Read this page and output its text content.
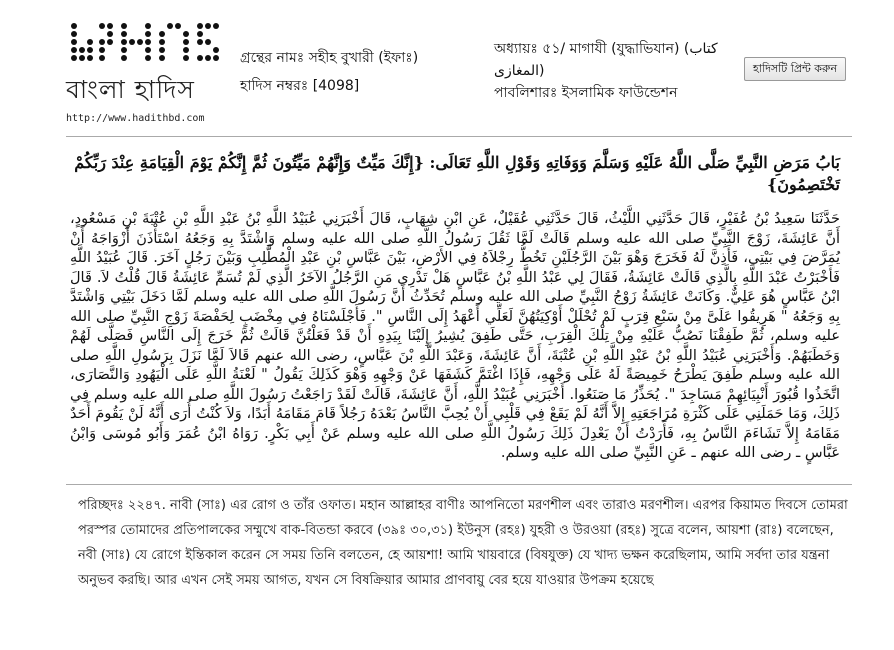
বাংলা হাদিস
http://www.hadithbd.com
গ্রন্থের নামঃ সহীহ বুখারী (ইফাঃ)
হাদিস নম্বরঃ [4098]
অধ্যায়ঃ ৫১/ মাগাযী (যুদ্ধাভিযান) (كتاب المغازى)
পাবলিশারঃ ইসলামিক ফাউন্ডেশন
হাদিসটি প্রিন্ট করুন
بَابُ مَرَضِ النَّبِيِّ صَلَّى اللَّهُ عَلَيْهِ وَسَلَّمَ وَوَفَاتِهِ وَقَوْلِ اللَّهِ تَعَالَى: {إِنَّكَ مَيِّتٌ وَإِنَّهُمْ مَيِّتُونَ ثُمَّ إِنَّكُمْ يَوْمَ الْقِيَامَةِ عِنْدَ رَبِّكُمْ تَخْتَصِمُونَ}
حَدَّثَنَا سَعِيدُ بْنُ عُفَيْرٍ، قَالَ حَدَّثَنِي اللَّيْثُ، قَالَ حَدَّثَنِي عُقَيْلٌ، عَنِ ابْنِ شِهَابٍ، قَالَ أَخْبَرَنِي عُبَيْدُ اللَّهِ بْنُ عَبْدِ اللَّهِ بْنِ عُتْبَةَ بْنِ مَسْعُودٍ، أَنَّ عَائِشَةَ، زَوْجَ النَّبِيِّ صلى الله عليه وسلم قَالَتْ لَمَّا ثَقُلَ رَسُولُ اللَّهِ صلى الله عليه وسلم وَاشْتَدَّ بِهِ وَجَعُهُ اسْتَأْذَنَ أَزْوَاجَهُ أَنْ يُمَرَّضَ فِي بَيْتِي، فَأَذِنَّ لَهُ فَخَرَجَ وَهْوَ بَيْنَ الرَّجُلَيْنِ تَخُطُّ رِجْلاَهُ فِي الأَرْضِ، بَيْنَ عَبَّاسِ بْنِ عَبْدِ الْمُطَّلِبِ وَبَيْنَ رَجُلٍ آخَرَ. قَالَ عُبَيْدُ اللَّهِ فَأَخْبَرْتُ عَبْدَ اللَّهِ بِالَّذِي قَالَتْ عَائِشَةُ، فَقَالَ لِي عَبْدُ اللَّهِ بْنُ عَبَّاسٍ هَلْ تَدْرِي مَنِ الرَّجُلُ الآخَرُ الَّذِي لَمْ تُسَمِّ عَائِشَةُ قَالَ قُلْتُ لاَ. قَالَ ابْنُ عَبَّاسٍ هُوَ عَلِيٌّ. وَكَانَتْ عَائِشَةُ زَوْجُ النَّبِيِّ صلى الله عليه وسلم تُحَدِّثُ أَنَّ رَسُولَ اللَّهِ صلى الله عليه وسلم لَمَّا دَخَلَ بَيْتِي وَاشْتَدَّ بِهِ وَجَعُهُ " هَرِيقُوا عَلَىَّ مِنْ سَبْعِ قِرَبٍ لَمْ تُحْلَلْ أَوْكِيَتُهُنَّ لَعَلِّي أَعْهَدُ إِلَى النَّاسِ ". فَأَجْلَسْنَاهُ فِي مِخْضَبٍ لِحَفْصَةَ زَوْجِ النَّبِيِّ صلى الله عليه وسلم، ثُمَّ طَفِقْنَا نَصُبُّ عَلَيْهِ مِنْ تِلْكَ الْقِرَبِ، حَتَّى طَفِقَ يُشِيرُ إِلَيْنَا بِيَدِهِ أَنْ قَدْ فَعَلْتُنَّ قَالَتْ ثُمَّ خَرَجَ إِلَى النَّاسِ فَصَلَّى لَهُمْ وَخَطَبَهُمْ. وَأَخْبَرَنِي عُبَيْدُ اللَّهِ بْنُ عَبْدِ اللَّهِ بْنِ عُتْبَةَ، أَنَّ عَائِشَةَ، وَعَبْدَ اللَّهِ بْنَ عَبَّاسٍ، رضى الله عنهم قَالاَ لَمَّا نَزَلَ بِرَسُولِ اللَّهِ صلى الله عليه وسلم طَفِقَ يَطْرَحُ خَمِيصَةً لَهُ عَلَى وَجْهِهِ، فَإِذَا اغْتَمَّ كَشَفَهَا عَنْ وَجْهِهِ وَهْوَ كَذَلِكَ يَقُولُ " لَعْنَةُ اللَّهِ عَلَى الْيَهُودِ وَالنَّصَارَى، اتَّخَذُوا قُبُورَ أَنْبِيَائِهِمْ مَسَاجِدَ ". يُحَذِّرُ مَا صَنَعُوا. أَخْبَرَنِي عُبَيْدُ اللَّهِ، أَنَّ عَائِشَةَ، قَالَتْ لَقَدْ رَاجَعْتُ رَسُولَ اللَّهِ صلى الله عليه وسلم فِي ذَلِكَ، وَمَا حَمَلَنِي عَلَى كَثْرَةِ مُرَاجَعَتِهِ إِلاَّ أَنَّهُ لَمْ يَقَعْ فِي قَلْبِي أَنْ يُحِبَّ النَّاسُ بَعْدَهُ رَجُلاً قَامَ مَقَامَهُ أَبَدًا، وَلاَ كُنْتُ أُرَى أَنَّهُ لَنْ يَقُومَ أَحَدٌ مَقَامَهُ إِلاَّ تَشَاءَمَ النَّاسُ بِهِ، فَأَرَدْتُ أَنْ يَعْدِلَ ذَلِكَ رَسُولُ اللَّهِ صلى الله عليه وسلم عَنْ أَبِي بَكْرٍ. رَوَاهُ ابْنُ عُمَرَ وَأَبُو مُوسَى وَابْنُ عَبَّاسٍ ـ رضى الله عنهم ـ عَنِ النَّبِيِّ صلى الله عليه وسلم.
পরিচ্ছদঃ ২২৪৭. নাবী (সাঃ) এর রোগ ও তাঁর ওফাত। মহান আল্লাহর বাণীঃ আপনিতো মরণশীল এবং তারাও মরণশীল। এরপর কিয়ামত দিবসে তোমরা পরস্পর তোমাদের প্রতিপালকের সম্মুখে বাক-বিতন্ডা করবে (৩৯ঃ ৩০,৩১) ইউনুস (রহঃ) যুহরী ও উরওয়া (রহঃ) সুত্রে বলেন, আয়শা (রাঃ) বলেছেন, নবী (সাঃ) যে রোগে ইন্তিকাল করেন সে সময় তিনি বলতেন, হে আয়শা! আমি খায়বারে (বিষযুক্ত) যে খাদ্য ভক্ষন করেছিলাম, আমি সর্বদা তার যন্ত্রনা অনুভব করছি। আর এখন সেই সময় আগত, যখন সে বিষক্রিয়ার আমার প্রাণবায়ু বের হয়ে যাওয়ার উপক্রম হয়েছে
